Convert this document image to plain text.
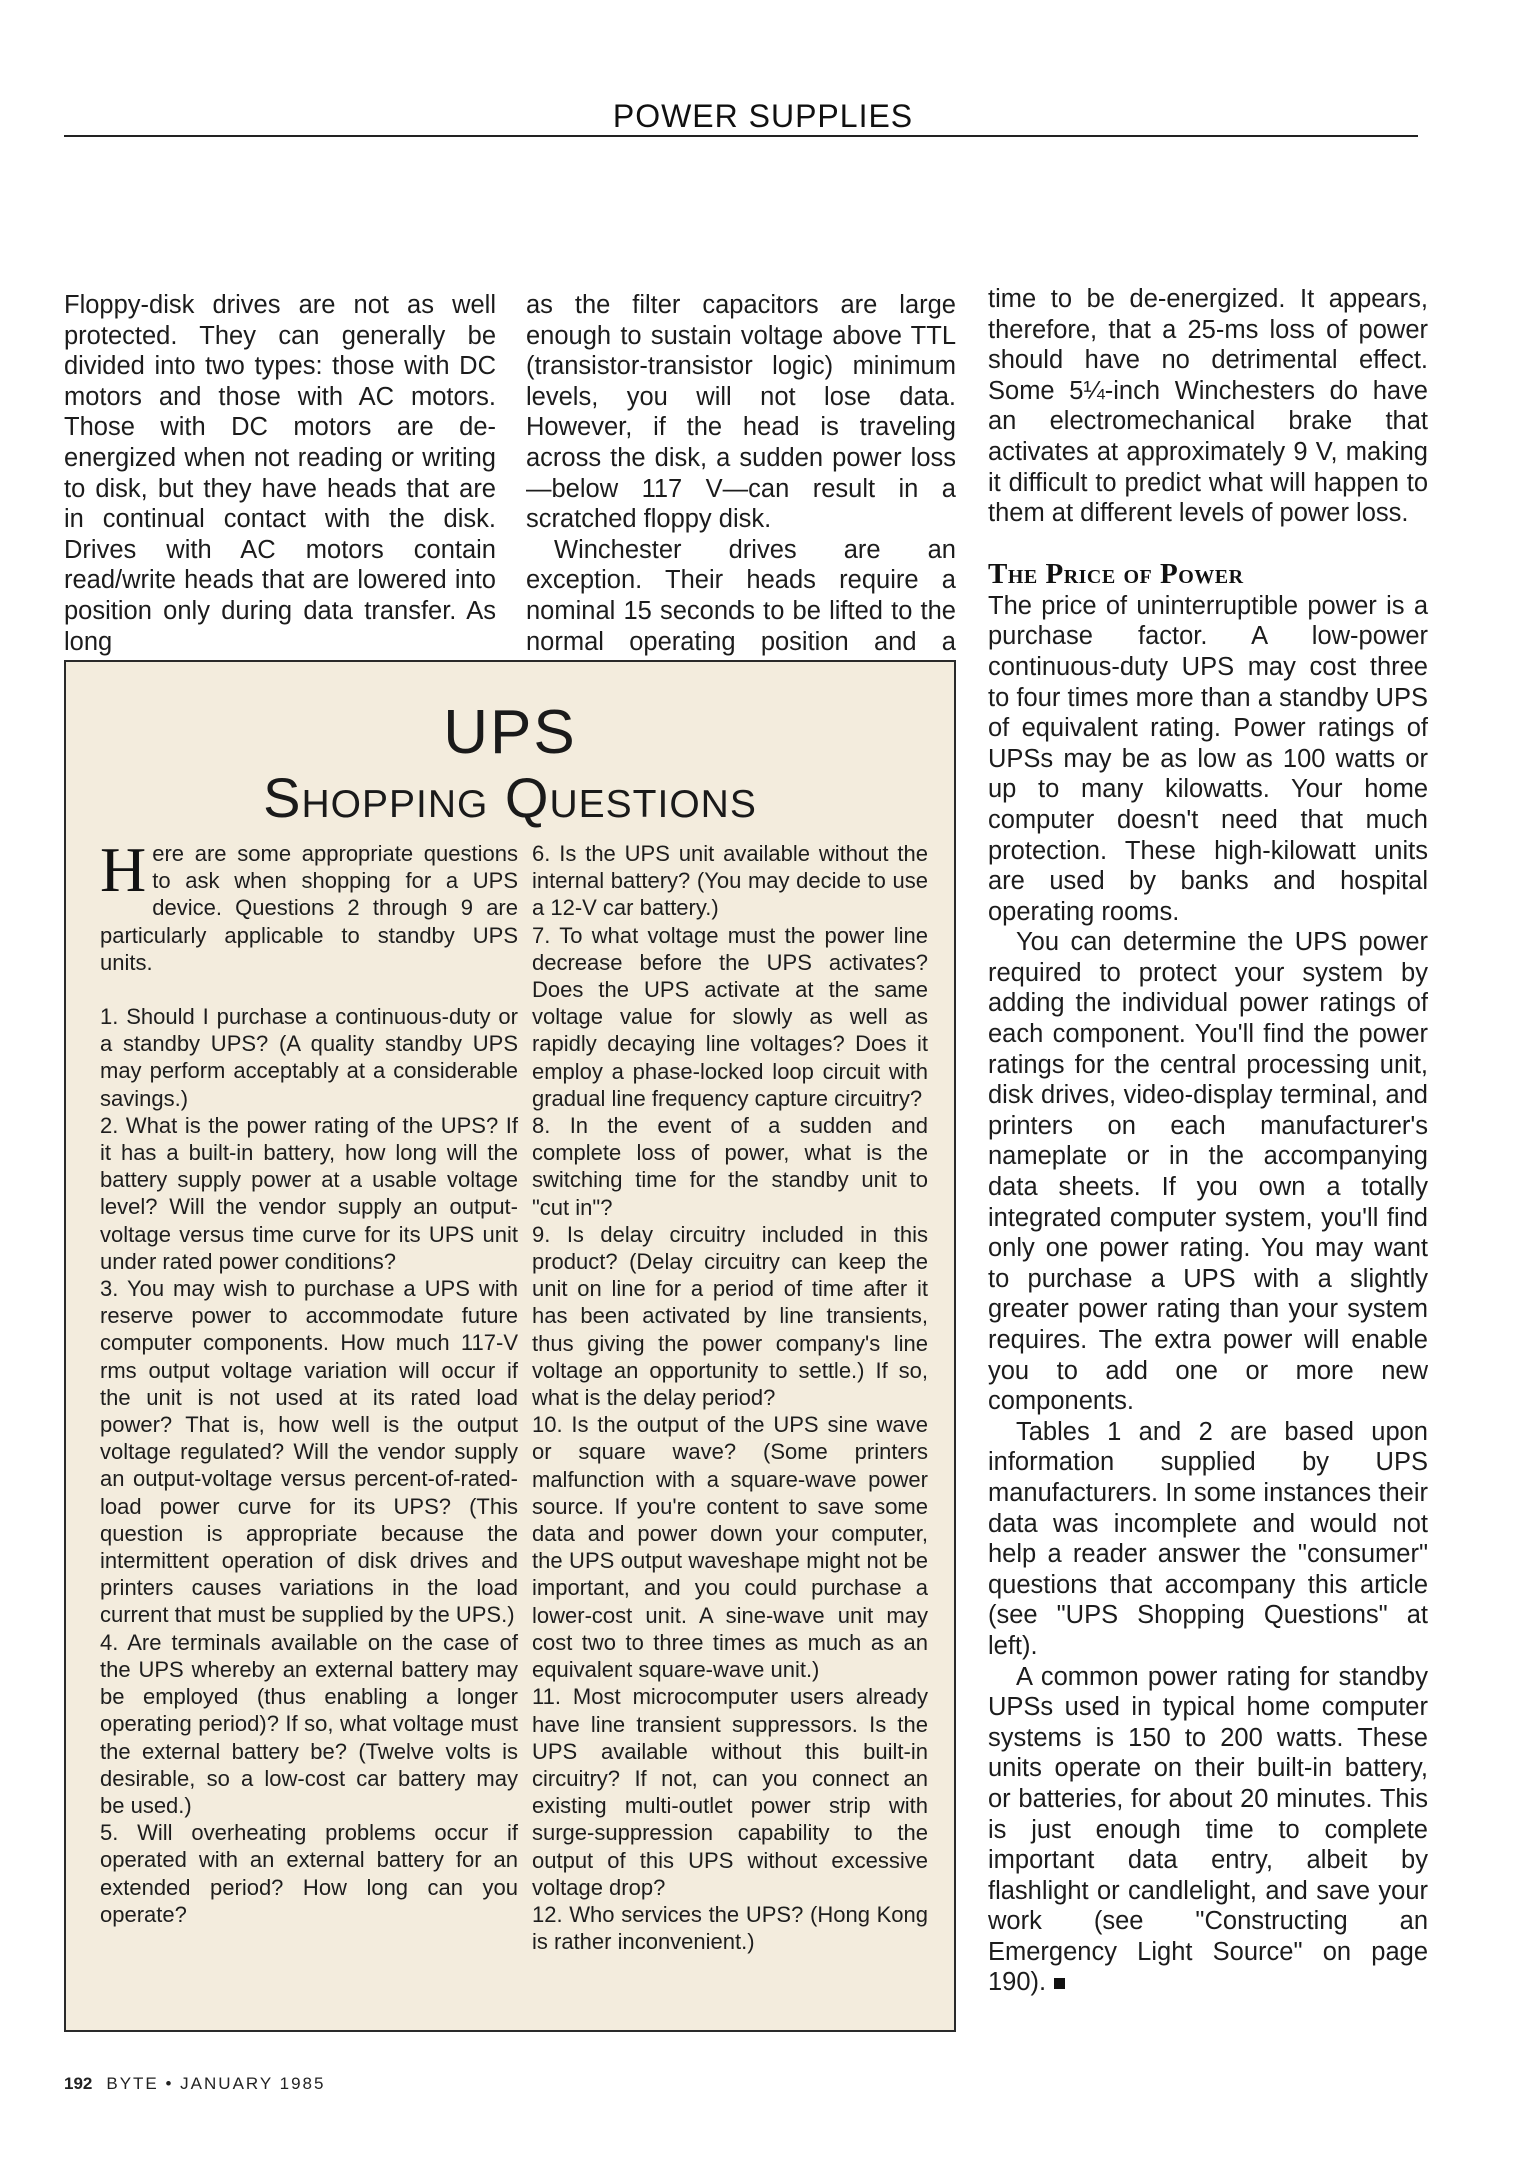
POWER SUPPLIES

Floppy-disk drives are not as well protected. They can generally be divided into two types: those with DC motors and those with AC motors. Those with DC motors are de-energized when not reading or writing to disk, but they have heads that are in continual contact with the disk. Drives with AC motors contain read/write heads that are lowered into position only during data transfer. As long

as the filter capacitors are large enough to sustain voltage above TTL (transistor-transistor logic) minimum levels, you will not lose data. However, if the head is traveling across the disk, a sudden power loss—below 117 V—can result in a scratched floppy disk.

Winchester drives are an exception. Their heads require a nominal 15 seconds to be lifted to the normal operating position and a

time to be de-energized. It appears, therefore, that a 25-ms loss of power should have no detrimental effect. Some 5¼-inch Winchesters do have an electromechanical brake that activates at approximately 9 V, making it difficult to predict what will happen to them at different levels of power loss.

The Price of Power

The price of uninterruptible power is a purchase factor. A low-power continuous-duty UPS may cost three to four times more than a standby UPS of equivalent rating. Power ratings of UPSs may be as low as 100 watts or up to many kilowatts. Your home computer doesn't need that much protection. These high-kilowatt units are used by banks and hospital operating rooms.

You can determine the UPS power required to protect your system by adding the individual power ratings of each component. You'll find the power ratings for the central processing unit, disk drives, video-display terminal, and printers on each manufacturer's nameplate or in the accompanying data sheets. If you own a totally integrated computer system, you'll find only one power rating. You may want to purchase a UPS with a slightly greater power rating than your system requires. The extra power will enable you to add one or more new components.

Tables 1 and 2 are based upon information supplied by UPS manufacturers. In some instances their data was incomplete and would not help a reader answer the "consumer" questions that accompany this article (see "UPS Shopping Questions" at left).

A common power rating for standby UPSs used in typical home computer systems is 150 to 200 watts. These units operate on their built-in battery, or batteries, for about 20 minutes. This is just enough time to complete important data entry, albeit by flashlight or candlelight, and save your work (see "Constructing an Emergency Light Source" on page 190).

UPS
Shopping Questions

Here are some appropriate questions to ask when shopping for a UPS device. Questions 2 through 9 are particularly applicable to standby UPS units.

1. Should I purchase a continuous-duty or a standby UPS? (A quality standby UPS may perform acceptably at a considerable savings.)

2. What is the power rating of the UPS? If it has a built-in battery, how long will the battery supply power at a usable voltage level? Will the vendor supply an output-voltage versus time curve for its UPS unit under rated power conditions?

3. You may wish to purchase a UPS with reserve power to accommodate future computer components. How much 117-V rms output voltage variation will occur if the unit is not used at its rated load power? That is, how well is the output voltage regulated? Will the vendor supply an output-voltage versus percent-of-rated-load power curve for its UPS? (This question is appropriate because the intermittent operation of disk drives and printers causes variations in the load current that must be supplied by the UPS.)

4. Are terminals available on the case of the UPS whereby an external battery may be employed (thus enabling a longer operating period)? If so, what voltage must the external battery be? (Twelve volts is desirable, so a low-cost car battery may be used.)

5. Will overheating problems occur if operated with an external battery for an extended period? How long can you operate?

6. Is the UPS unit available without the internal battery? (You may decide to use a 12-V car battery.)

7. To what voltage must the power line decrease before the UPS activates? Does the UPS activate at the same voltage value for slowly as well as rapidly decaying line voltages? Does it employ a phase-locked loop circuit with gradual line frequency capture circuitry?

8. In the event of a sudden and complete loss of power, what is the switching time for the standby unit to "cut in"?

9. Is delay circuitry included in this product? (Delay circuitry can keep the unit on line for a period of time after it has been activated by line transients, thus giving the power company's line voltage an opportunity to settle.) If so, what is the delay period?

10. Is the output of the UPS sine wave or square wave? (Some printers malfunction with a square-wave power source. If you're content to save some data and power down your computer, the UPS output waveshape might not be important, and you could purchase a lower-cost unit. A sine-wave unit may cost two to three times as much as an equivalent square-wave unit.)

11. Most microcomputer users already have line transient suppressors. Is the UPS available without this built-in circuitry? If not, can you connect an existing multi-outlet power strip with surge-suppression capability to the output of this UPS without excessive voltage drop?

12. Who services the UPS? (Hong Kong is rather inconvenient.)

192 BYTE • JANUARY 1985
